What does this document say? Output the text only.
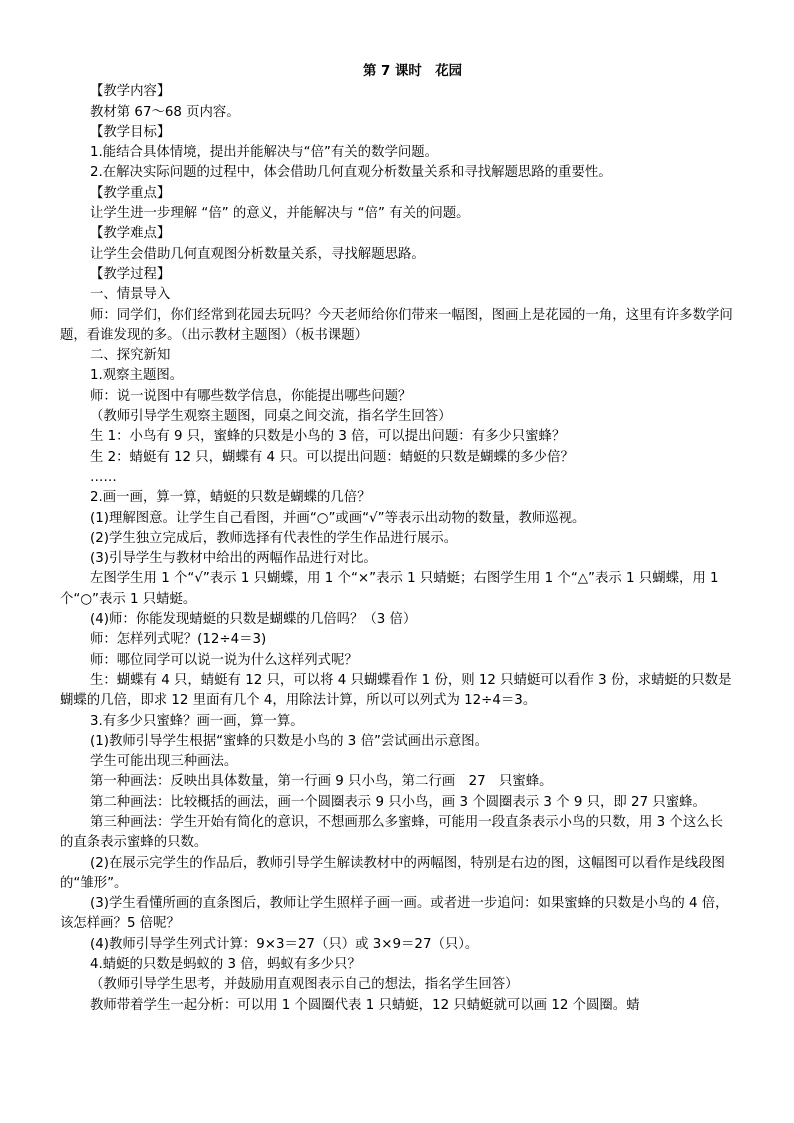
第 7 课时　花园
【教学内容】
教材第 67～68 页内容。
【教学目标】
1.能结合具体情境，提出并能解决与“倍”有关的数学问题。
2.在解决实际问题的过程中，体会借助几何直观分析数量关系和寻找解题思路的重要性。
【教学重点】
让学生进一步理解 “倍” 的意义，并能解决与 “倍” 有关的问题。
【教学难点】
让学生会借助几何直观图分析数量关系，寻找解题思路。
【教学过程】
一、情景导入
师：同学们，你们经常到花园去玩吗？今天老师给你们带来一幅图，图画上是花园的一角，这里有许多数学问题，看谁发现的多。（出示教材主题图）（板书课题）
二、探究新知
1.观察主题图。
师：说一说图中有哪些数学信息，你能提出哪些问题？
（教师引导学生观察主题图，同桌之间交流，指名学生回答）
生 1：小鸟有 9 只，蜜蜂的只数是小鸟的 3 倍，可以提出问题：有多少只蜜蜂？
生 2：蜻蜓有 12 只，蝴蝶有 4 只。可以提出问题：蜻蜓的只数是蝴蝶的多少倍？
……
2.画一画，算一算，蜻蜓的只数是蝴蝶的几倍？
(1)理解图意。让学生自己看图，并画“○”或画“√”等表示出动物的数量，教师巡视。
(2)学生独立完成后，教师选择有代表性的学生作品进行展示。
(3)引导学生与教材中给出的两幅作品进行对比。
左图学生用 1 个“√”表示 1 只蝴蝶，用 1 个“×”表示 1 只蜻蜓；右图学生用 1 个“△”表示 1 只蝴蝶，用 1 个“○”表示 1 只蜻蜓。
(4)师：你能发现蜻蜓的只数是蝴蝶的几倍吗？（3 倍）
师：怎样列式呢？(12÷4＝3)
师：哪位同学可以说一说为什么这样列式呢？
生：蝴蝶有 4 只，蜻蜓有 12 只，可以将 4 只蝴蝶看作 1 份，则 12 只蜻蜓可以看作 3 份，求蜻蜓的只数是蝴蝶的几倍，即求 12 里面有几个 4，用除法计算，所以可以列式为 12÷4＝3。
3.有多少只蜜蜂？画一画，算一算。
(1)教师引导学生根据“蜜蜂的只数是小鸟的 3 倍”尝试画出示意图。
学生可能出现三种画法。
第一种画法：反映出具体数量，第一行画 9 只小鸟，第二行画　27　只蜜蜂。
第二种画法：比较概括的画法，画一个圆圈表示 9 只小鸟，画 3 个圆圈表示 3 个 9 只，即 27 只蜜蜂。
第三种画法：学生开始有简化的意识，不想画那么多蜜蜂，可能用一段直条表示小鸟的只数，用 3 个这么长的直条表示蜜蜂的只数。
(2)在展示完学生的作品后，教师引导学生解读教材中的两幅图，特别是右边的图，这幅图可以看作是线段图的“雏形”。
(3)学生看懂所画的直条图后，教师让学生照样子画一画。或者进一步追问：如果蜜蜂的只数是小鸟的 4 倍，该怎样画？5 倍呢？
(4)教师引导学生列式计算：9×3＝27（只）或 3×9＝27（只）。
4.蜻蜓的只数是蚂蚁的 3 倍，蚂蚁有多少只？
（教师引导学生思考，并鼓励用直观图表示自己的想法，指名学生回答）
教师带着学生一起分析：可以用 1 个圆圈代表 1 只蜻蜓，12 只蜻蜓就可以画 12 个圆圈。蜻
